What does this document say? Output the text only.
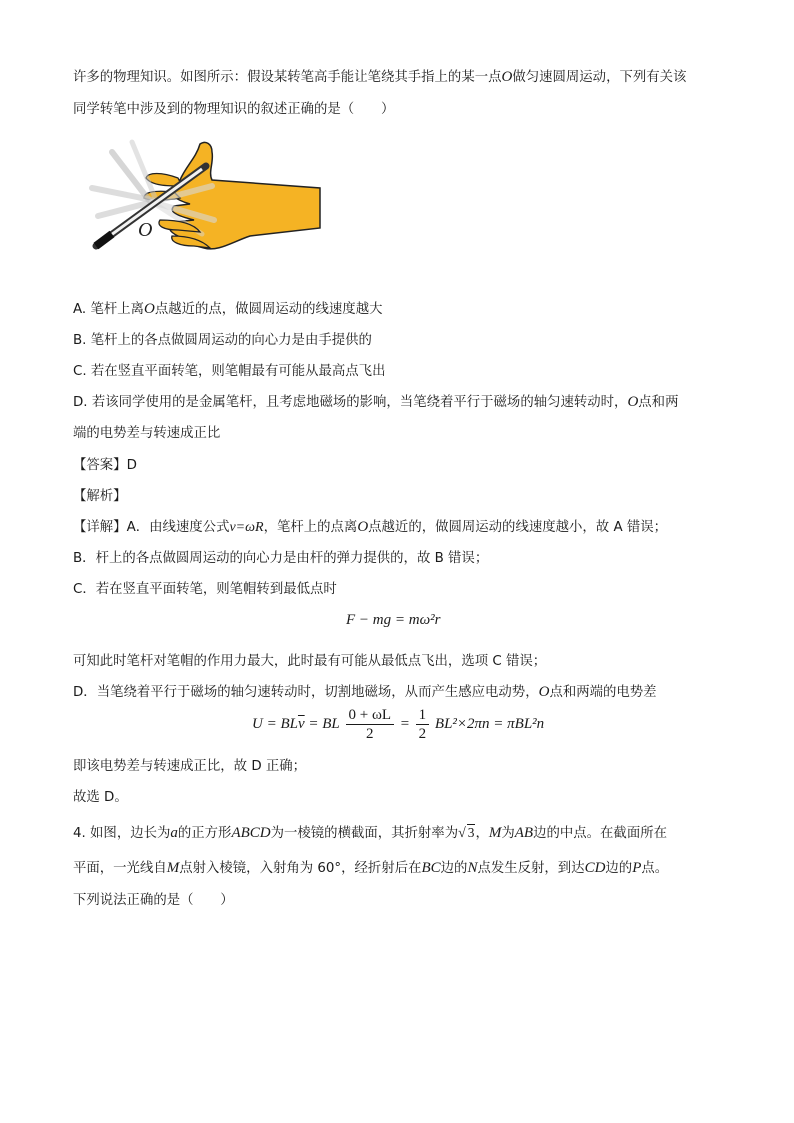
许多的物理知识。如图所示：假设某转笔高手能让笔绕其手指上的某一点O做匀速圆周运动，下列有关该
同学转笔中涉及到的物理知识的叙述正确的是（　　）
O
A. 笔杆上离O点越近的点，做圆周运动的线速度越大
B. 笔杆上的各点做圆周运动的向心力是由手提供的
C. 若在竖直平面转笔，则笔帽最有可能从最高点飞出
D. 若该同学使用的是金属笔杆，且考虑地磁场的影响，当笔绕着平行于磁场的轴匀速转动时，O点和两
端的电势差与转速成正比
【答案】D
【解析】
【详解】A．由线速度公式v=ωR，笔杆上的点离O点越近的，做圆周运动的线速度越小，故 A 错误；
B．杆上的各点做圆周运动的向心力是由杆的弹力提供的，故 B 错误；
C．若在竖直平面转笔，则笔帽转到最低点时
F − mg = mω²r
可知此时笔杆对笔帽的作用力最大，此时最有可能从最低点飞出，选项 C 错误；
D．当笔绕着平行于磁场的轴匀速转动时，切割地磁场，从而产生感应电动势，O点和两端的电势差
$U = BL\overline{v}$ = BL $\frac{0 + \omega L}{2} = \frac{1}{2} BL^2\times 2\pi n = \pi BL^2n$
即该电势差与转速成正比，故 D 正确；
故选 D。
4. 如图，边长为a的正方形ABCD为一棱镜的横截面，其折射率为√ 3，M为AB边的中点。在截面所在
平面，一光线自M点射入棱镜，入射角为 60°，经折射后在BC边的N点发生反射，到达CD边的P点。
下列说法正确的是（　　）
